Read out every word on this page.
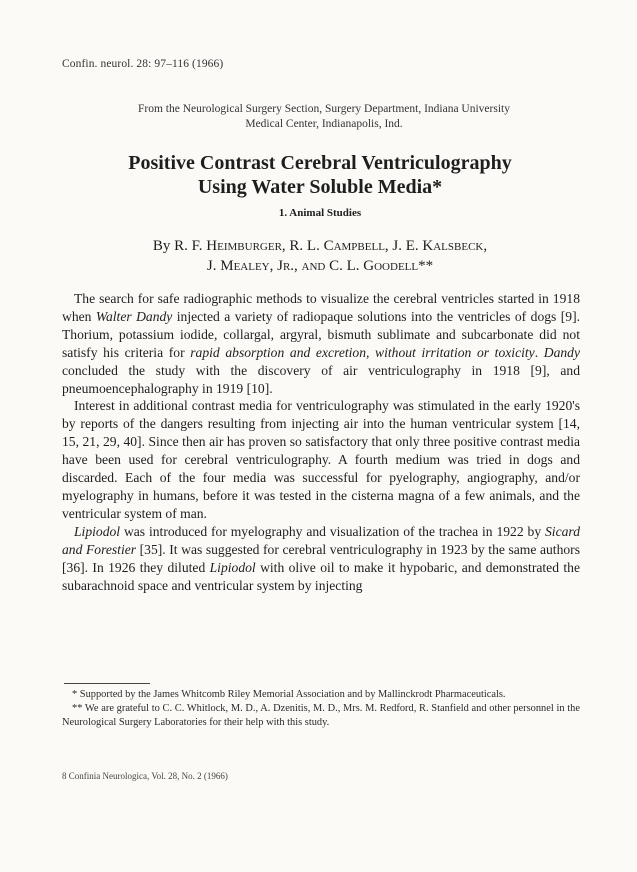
Confin. neurol. 28: 97–116 (1966)
From the Neurological Surgery Section, Surgery Department, Indiana University
Medical Center, Indianapolis, Ind.
Positive Contrast Cerebral Ventriculography
Using Water Soluble Media*
1. Animal Studies
By R. F. Heimburger, R. L. Campbell, J. E. Kalsbeck,
J. Mealey, Jr., and C. L. Goodell**

The search for safe radiographic methods to visualize the cerebral ventricles started in 1918 when Walter Dandy injected a variety of radiopaque solutions into the ventricles of dogs [9]. Thorium, potassium iodide, collargal, argyral, bismuth sublimate and subcarbonate did not satisfy his criteria for rapid absorption and excretion, without irritation or toxicity. Dandy concluded the study with the discovery of air ventriculography in 1918 [9], and pneumoencephalography in 1919 [10].

Interest in additional contrast media for ventriculography was stimulated in the early 1920's by reports of the dangers resulting from injecting air into the human ventricular system [14, 15, 21, 29, 40]. Since then air has proven so satisfactory that only three positive contrast media have been used for cerebral ventriculography. A fourth medium was tried in dogs and discarded. Each of the four media was successful for pyelography, angiography, and/or myelography in humans, before it was tested in the cisterna magna of a few animals, and the ventricular system of man.

Lipiodol was introduced for myelography and visualization of the trachea in 1922 by Sicard and Forestier [35]. It was suggested for cerebral ventriculography in 1923 by the same authors [36]. In 1926 they diluted Lipiodol with olive oil to make it hypobaric, and demonstrated the subarachnoid space and ventricular system by injecting

* Supported by the James Whitcomb Riley Memorial Association and by Mallinckrodt Pharmaceuticals.

** We are grateful to C. C. Whitlock, M. D., A. Dzenitis, M. D., Mrs. M. Redford, R. Stanfield and other personnel in the Neurological Surgery Laboratories for their help with this study.

8 Confinia Neurologica, Vol. 28, No. 2 (1966)
